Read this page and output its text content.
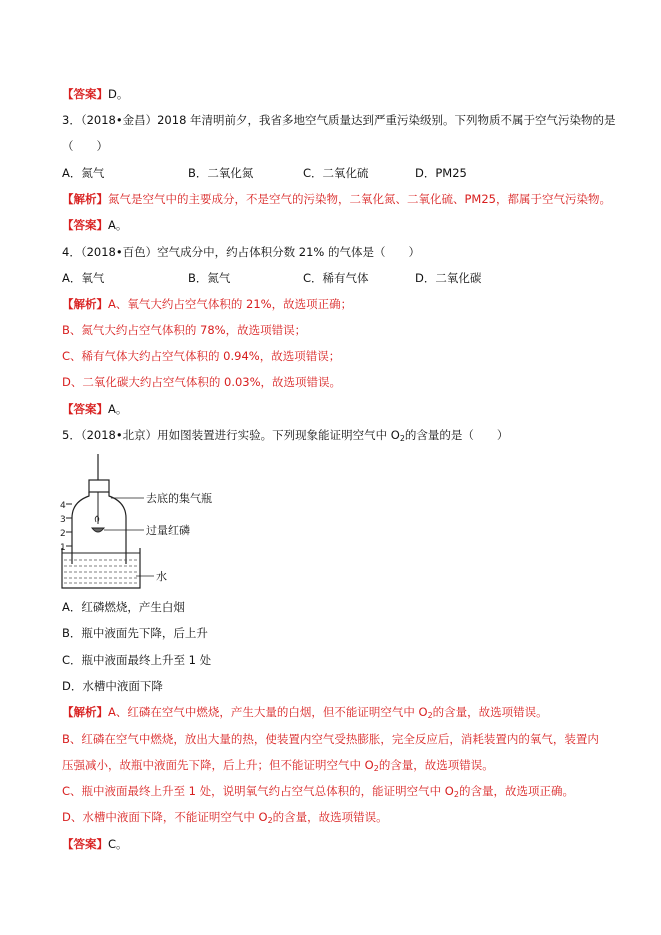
【答案】D。
3．（2018•金昌）2018 年清明前夕，我省多地空气质量达到严重污染级别。下列物质不属于空气污染物的是
（　　）
A．氮气	B．二氧化氮	C．二氧化硫	D．PM25
【解析】氮气是空气中的主要成分，不是空气的污染物，二氧化氮、二氧化硫、PM25，都属于空气污染物。
【答案】A。
4．（2018•百色）空气成分中，约占体积分数 21% 的气体是（　　）
A．氧气	B．氮气	C．稀有气体	D．二氧化碳
【解析】A、氧气大约占空气体积的 21%，故选项正确；
B、氮气大约占空气体积的 78%，故选项错误；
C、稀有气体大约占空气体积的 0.94%，故选项错误；
D、二氧化碳大约占空气体积的 0.03%，故选项错误。
【答案】A。
5．（2018•北京）用如图装置进行实验。下列现象能证明空气中 $O_2$的含量的是（　　）
4
3
2
1
去底的集气瓶
过量红磷
水
A．红磷燃烧，产生白烟
B．瓶中液面先下降，后上升
C．瓶中液面最终上升至 1 处
D．水槽中液面下降
【解析】A、红磷在空气中燃烧，产生大量的白烟，但不能证明空气中 $O_2$的含量，故选项错误。
B、红磷在空气中燃烧，放出大量的热，使装置内空气受热膨胀，完全反应后，消耗装置内的氧气，装置内
压强减小，故瓶中液面先下降，后上升；但不能证明空气中 $O_2$的含量，故选项错误。
C、瓶中液面最终上升至 1 处，说明氧气约占空气总体积的，能证明空气中 $O_2$的含量，故选项正确。
D、水槽中液面下降，不能证明空气中 $O_2$的含量，故选项错误。
【答案】C。
